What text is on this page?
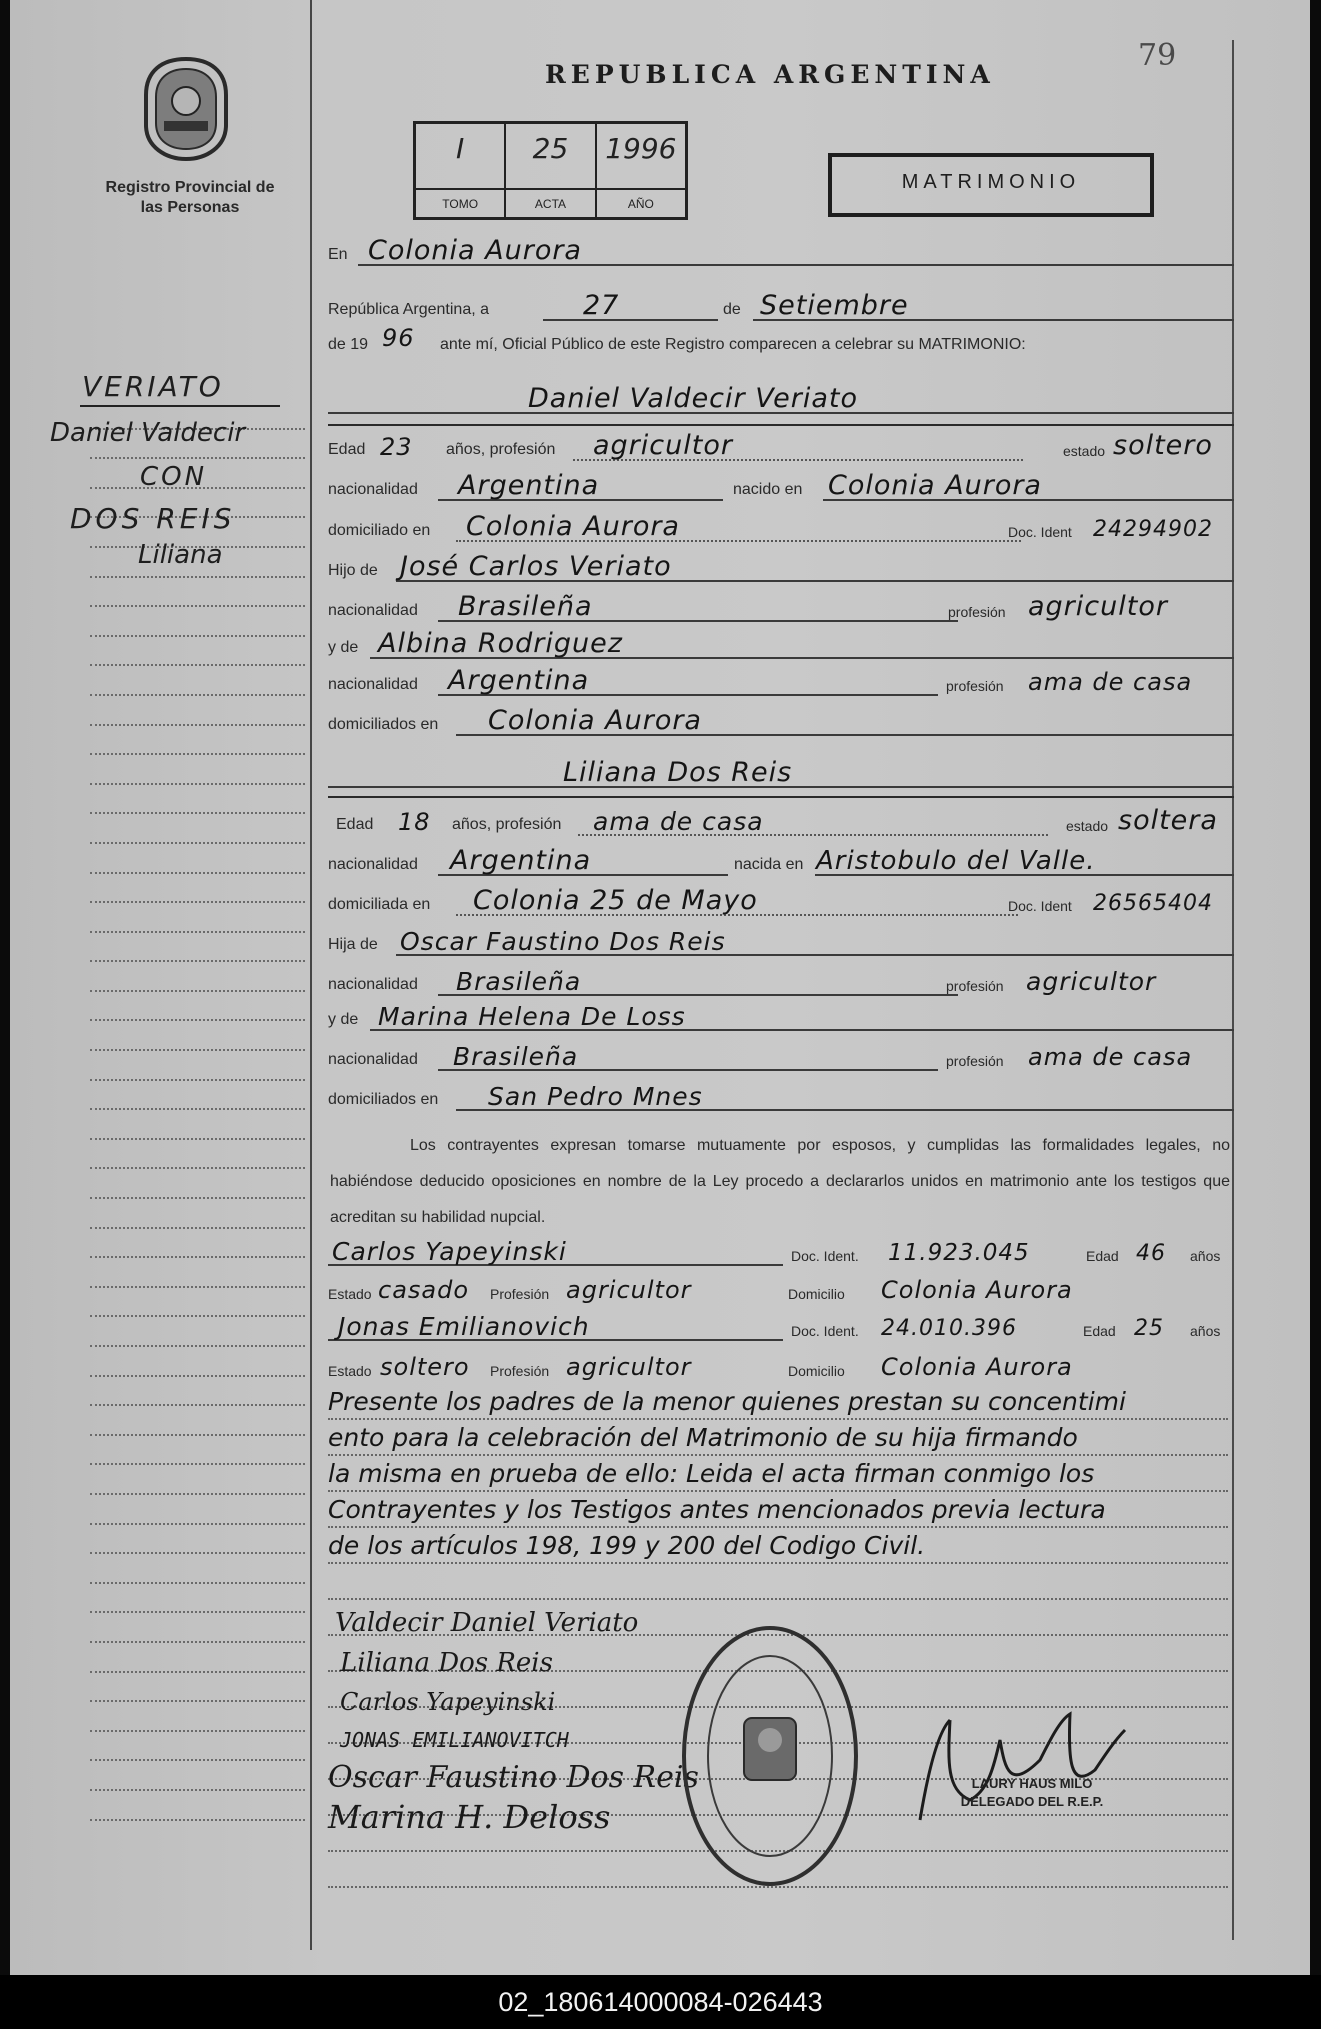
79
Registro Provincial de las Personas
VERIATO
Daniel Valdecir
CON
DOS REIS
Liliana
REPUBLICA ARGENTINA
I
TOMO
25
ACTA
1996
AÑO
MATRIMONIO
En Colonia Aurora
República Argentina, a	27	de Setiembre
de 19 96 ante mí, Oficial Público de este Registro comparecen a celebrar su MATRIMONIO:
Daniel Valdecir Veriato
Edad 23 años, profesión agricultor	estado soltero
nacionalidad Argentina	nacido en Colonia Aurora
domiciliado en Colonia Aurora	Doc. Ident 24294902
Hijo de José Carlos Veriato
nacionalidad Brasileña	profesión agricultor
y de Albina Rodriguez
nacionalidad Argentina	profesión ama de casa
domiciliados en Colonia Aurora
Liliana Dos Reis
Edad 18 años, profesión ama de casa	estado soltera
nacionalidad Argentina	nacida en Aristobulo del Valle.
domiciliada en Colonia 25 de Mayo	Doc. Ident 26565404
Hija de Oscar Faustino Dos Reis
nacionalidad Brasileña	profesión agricultor
y de Marina Helena De Loss
nacionalidad Brasileña	profesión ama de casa
domiciliados en San Pedro Mnes
Los contrayentes expresan tomarse mutuamente por esposos, y cumplidas las formalidades legales, no habiéndose deducido oposiciones en nombre de la Ley procedo a declararlos unidos en matrimonio ante los testigos que acreditan su habilidad nupcial.
Carlos Yapeyinski	Doc. Ident. 11.923.045	Edad 46 años
Estado casado Profesión agricultor	Domicilio Colonia Aurora
Jonas Emilianovich	Doc. Ident. 24.010.396	Edad 25 años
Estado soltero Profesión agricultor	Domicilio Colonia Aurora
Presente los padres de la menor quienes prestan su concentimi
ento para la celebración del Matrimonio de su hija firmando
la misma en prueba de ello: Leida el acta firman conmigo los
Contrayentes y los Testigos antes mencionados previa lectura
de los artículos 198, 199 y 200 del Codigo Civil.
Valdecir Daniel Veriato
Liliana Dos Reis
Carlos Yapeyinski
JONAS EMILIANOVITCH
Oscar Faustino Dos Reis
Marina H. Deloss
LAURY HAUS MILO
DELEGADO DEL R.E.P.
02_180614000084-026443
